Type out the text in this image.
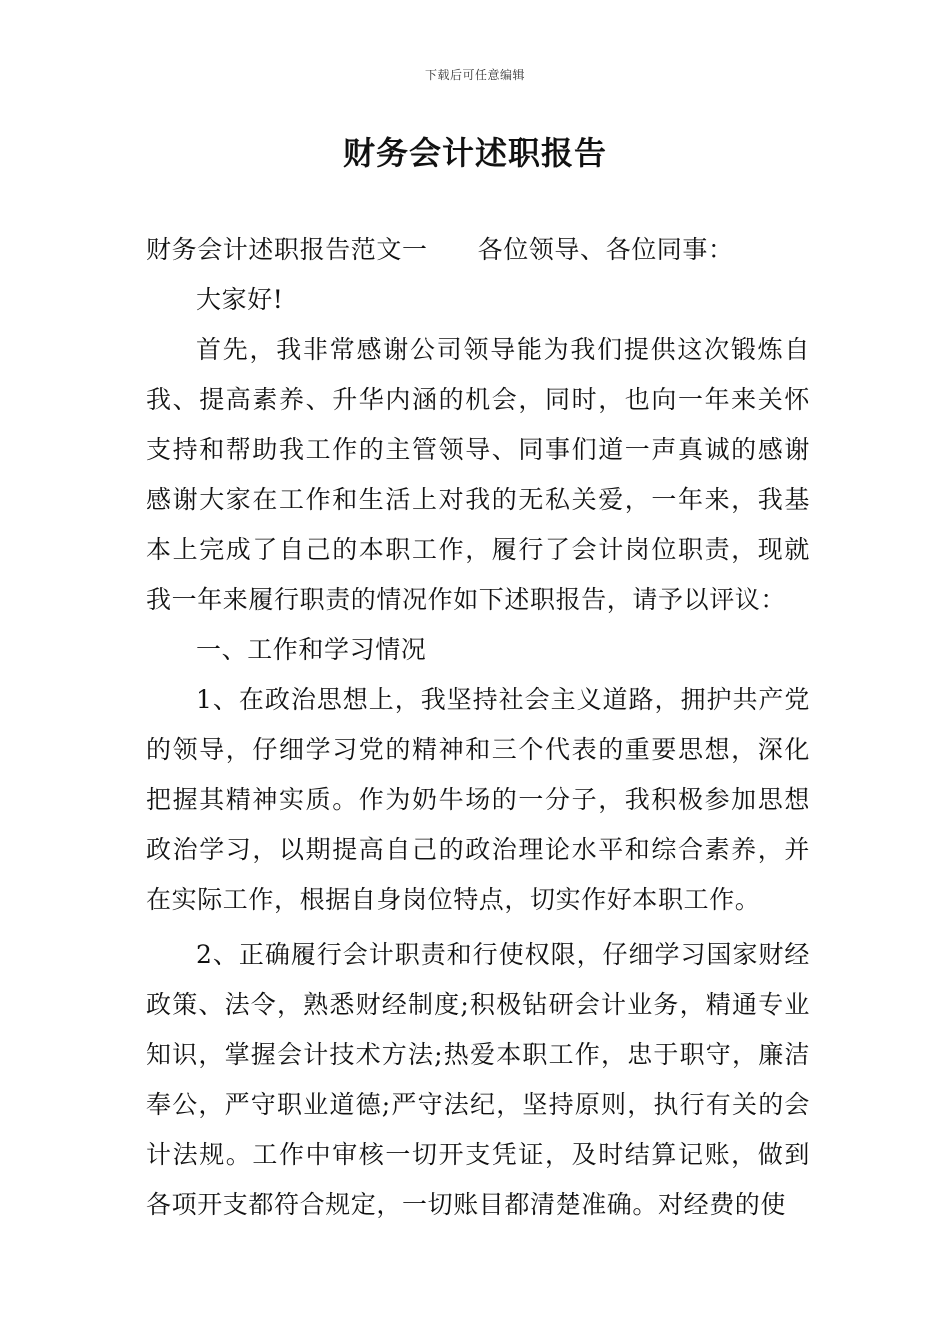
下载后可任意编辑
财务会计述职报告

财务会计述职报告范文一 各位领导、各位同事：

大家好!

首先，我非常感谢公司领导能为我们提供这次锻炼自我、提高素养、升华内涵的机会，同时，也向一年来关怀支持和帮助我工作的主管领导、同事们道一声真诚的感谢感谢大家在工作和生活上对我的无私关爱，一年来，我基本上完成了自己的本职工作，履行了会计岗位职责，现就我一年来履行职责的情况作如下述职报告，请予以评议：

一、工作和学习情况

1、在政治思想上，我坚持社会主义道路，拥护共产党的领导，仔细学习党的精神和三个代表的重要思想，深化把握其精神实质。作为奶牛场的一分子，我积极参加思想政治学习，以期提高自己的政治理论水平和综合素养，并在实际工作，根据自身岗位特点，切实作好本职工作。

2、正确履行会计职责和行使权限，仔细学习国家财经政策、法令，熟悉财经制度;积极钻研会计业务，精通专业知识，掌握会计技术方法;热爱本职工作，忠于职守，廉洁奉公，严守职业道德;严守法纪，坚持原则，执行有关的会计法规。工作中审核一切开支凭证，及时结算记账，做到各项开支都符合规定，一切账目都清楚准确。对经费的使
